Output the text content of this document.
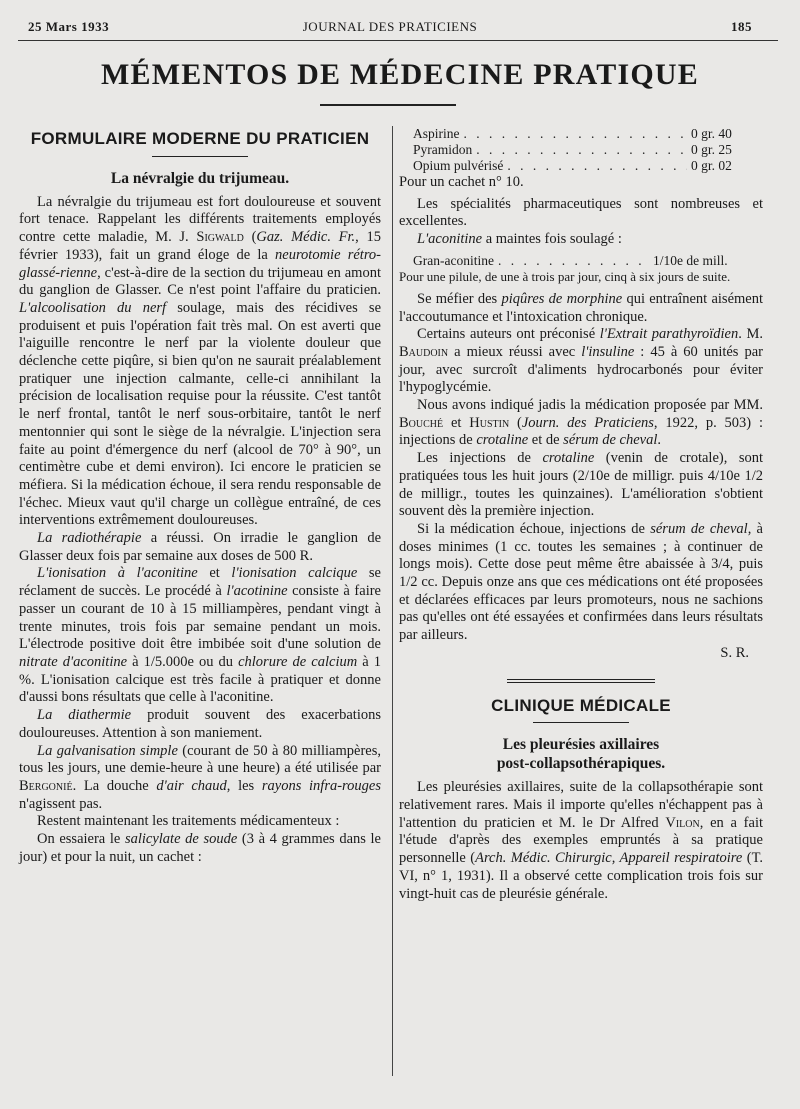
25 Mars 1933	JOURNAL DES PRATICIENS	185
MÉMENTOS DE MÉDECINE PRATIQUE
FORMULAIRE MODERNE DU PRATICIEN
La névralgie du trijumeau.

La névralgie du trijumeau est fort douloureuse et souvent fort tenace. Rappelant les différents traitements employés contre cette maladie, M. J. Sigwald (Gaz. Médic. Fr., 15 février 1933), fait un grand éloge de la neurotomie rétro-glassé-rienne, c'est-à-dire de la section du trijumeau en amont du ganglion de Glasser. Ce n'est point l'affaire du praticien. L'alcoolisation du nerf soulage, mais des récidives se produisent et puis l'opération fait très mal. On est averti que l'aiguille rencontre le nerf par la violente douleur que déclenche cette piqûre, si bien qu'on ne saurait préalablement pratiquer une injection calmante, celle-ci annihilant la précision de localisation requise pour la réussite. C'est tantôt le nerf frontal, tantôt le nerf sous-orbitaire, tantôt le nerf mentonnier qui sont le siège de la névralgie. L'injection sera faite au point d'émergence du nerf (alcool de 70° à 90°, un centimètre cube et demi environ). Ici encore le praticien se méfiera. Si la médication échoue, il sera rendu responsable de l'échec. Mieux vaut qu'il charge un collègue entraîné, de ces interventions extrêmement douloureuses.

La radiothérapie a réussi. On irradie le ganglion de Glasser deux fois par semaine aux doses de 500 R.

L'ionisation à l'aconitine et l'ionisation calcique se réclament de succès. Le procédé à l'acotinine consiste à faire passer un courant de 10 à 15 milliampères, pendant vingt à trente minutes, trois fois par semaine pendant un mois. L'électrode positive doit être imbibée soit d'une solution de nitrate d'aconitine à 1/5.000e ou du chlorure de calcium à 1 %. L'ionisation calcique est très facile à pratiquer et donne d'aussi bons résultats que celle à l'aconitine.

La diathermie produit souvent des exacerbations douloureuses. Attention à son maniement.

La galvanisation simple (courant de 50 à 80 milliampères, tous les jours, une demie-heure à une heure) a été utilisée par Bergonié. La douche d'air chaud, les rayons infra-rouges n'agissent pas.

Restent maintenant les traitements médicamenteux :

On essaiera le salicylate de soude (3 à 4 grammes dans le jour) et pour la nuit, un cachet :

Aspirine . . .	0 gr. 40
Pyramidon . . .	0 gr. 25
Opium pulvérisé . . .	0 gr. 02

Pour un cachet n° 10.

Les spécialités pharmaceutiques sont nombreuses et excellentes.

L'aconitine a maintes fois soulagé :

Gran-aconitine . . .	1/10e de mill.

Pour une pilule, de une à trois par jour, cinq à six jours de suite.

Se méfier des piqûres de morphine qui entraînent aisément l'accoutumance et l'intoxication chronique.

Certains auteurs ont préconisé l'Extrait parathyroïdien. M. Baudoin a mieux réussi avec l'insuline : 45 à 60 unités par jour, avec surcroît d'aliments hydrocarbonés pour éviter l'hypoglycémie.

Nous avons indiqué jadis la médication proposée par MM. Bouché et Hustin (Journ. des Praticiens, 1922, p. 503) : injections de crotaline et de sérum de cheval.

Les injections de crotaline (venin de crotale), sont pratiquées tous les huit jours (2/10e de milligr. puis 4/10e 1/2 de milligr., toutes les quinzaines). L'amélioration s'obtient souvent dès la première injection.

Si la médication échoue, injections de sérum de cheval, à doses minimes (1 cc. toutes les semaines ; à continuer de longs mois). Cette dose peut même être abaissée à 3/4, puis 1/2 cc. Depuis onze ans que ces médications ont été proposées et déclarées efficaces par leurs promoteurs, nous ne sachions pas qu'elles ont été essayées et confirmées dans leurs résultats par ailleurs.

S. R.
CLINIQUE MÉDICALE
Les pleurésies axillaires
post-collapsothérapiques.

Les pleurésies axillaires, suite de la collapsothérapie sont relativement rares. Mais il importe qu'elles n'échappent pas à l'attention du praticien et M. le Dr Alfred Vilon, en a fait l'étude d'après des exemples empruntés à sa pratique personnelle (Arch. Médic. Chirurgic, Appareil respiratoire (T. VI, n° 1, 1931). Il a observé cette complication trois fois sur vingt-huit cas de pleurésie générale.
